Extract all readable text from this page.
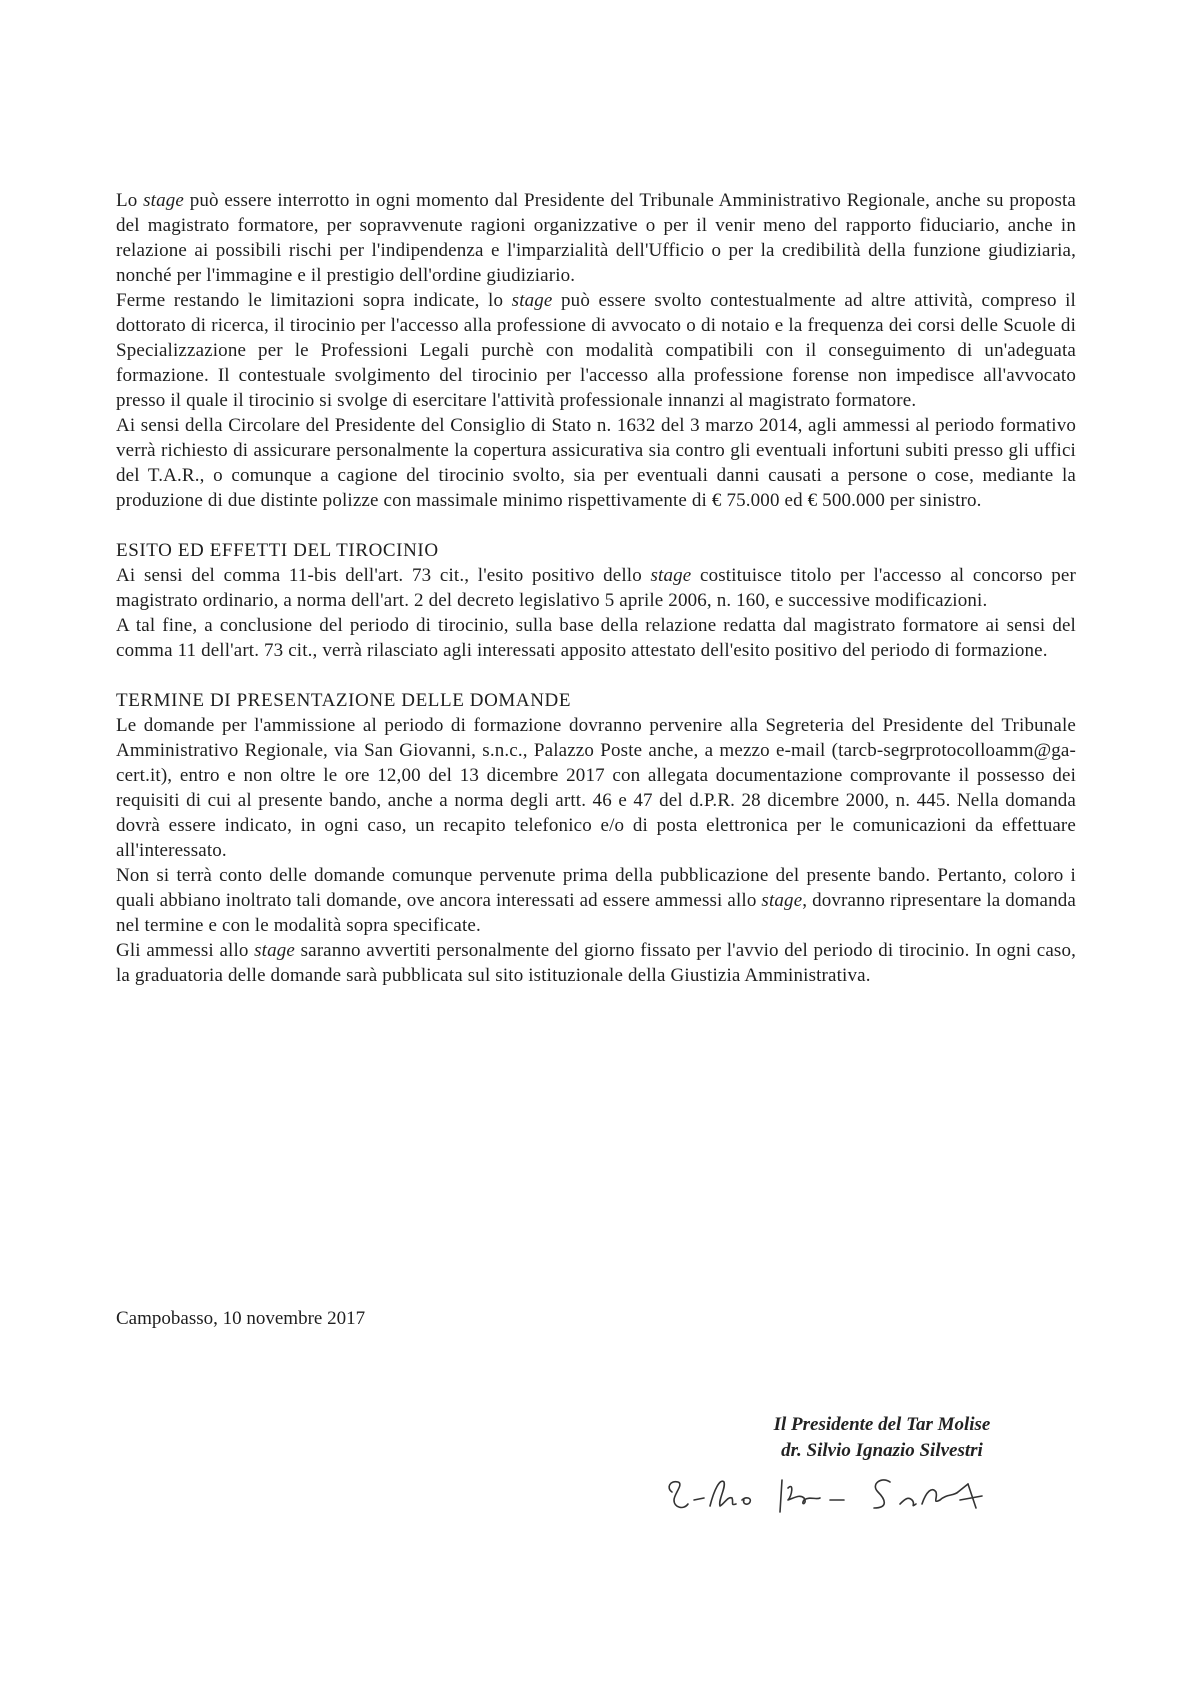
Lo stage può essere interrotto in ogni momento dal Presidente del Tribunale Amministrativo Regionale, anche su proposta del magistrato formatore, per sopravvenute ragioni organizzative o per il venir meno del rapporto fiduciario, anche in relazione ai possibili rischi per l'indipendenza e l'imparzialità dell'Ufficio o per la credibilità della funzione giudiziaria, nonché per l'immagine e il prestigio dell'ordine giudiziario.

Ferme restando le limitazioni sopra indicate, lo stage può essere svolto contestualmente ad altre attività, compreso il dottorato di ricerca, il tirocinio per l'accesso alla professione di avvocato o di notaio e la frequenza dei corsi delle Scuole di Specializzazione per le Professioni Legali purchè con modalità compatibili con il conseguimento di un'adeguata formazione. Il contestuale svolgimento del tirocinio per l'accesso alla professione forense non impedisce all'avvocato presso il quale il tirocinio si svolge di esercitare l'attività professionale innanzi al magistrato formatore.

Ai sensi della Circolare del Presidente del Consiglio di Stato n. 1632 del 3 marzo 2014, agli ammessi al periodo formativo verrà richiesto di assicurare personalmente la copertura assicurativa sia contro gli eventuali infortuni subiti presso gli uffici del T.A.R., o comunque a cagione del tirocinio svolto, sia per eventuali danni causati a persone o cose, mediante la produzione di due distinte polizze con massimale minimo rispettivamente di € 75.000 ed € 500.000 per sinistro.

ESITO ED EFFETTI DEL TIROCINIO

Ai sensi del comma 11-bis dell'art. 73 cit., l'esito positivo dello stage costituisce titolo per l'accesso al concorso per magistrato ordinario, a norma dell'art. 2 del decreto legislativo 5 aprile 2006, n. 160, e successive modificazioni.

A tal fine, a conclusione del periodo di tirocinio, sulla base della relazione redatta dal magistrato formatore ai sensi del comma 11 dell'art. 73 cit., verrà rilasciato agli interessati apposito attestato dell'esito positivo del periodo di formazione.

TERMINE DI PRESENTAZIONE DELLE DOMANDE

Le domande per l'ammissione al periodo di formazione dovranno pervenire alla Segreteria del Presidente del Tribunale Amministrativo Regionale, via San Giovanni, s.n.c., Palazzo Poste anche, a mezzo e-mail (tarcb-segrprotocolloamm@ga-cert.it), entro e non oltre le ore 12,00 del 13 dicembre 2017 con allegata documentazione comprovante il possesso dei requisiti di cui al presente bando, anche a norma degli artt. 46 e 47 del d.P.R. 28 dicembre 2000, n. 445. Nella domanda dovrà essere indicato, in ogni caso, un recapito telefonico e/o di posta elettronica per le comunicazioni da effettuare all'interessato.

Non si terrà conto delle domande comunque pervenute prima della pubblicazione del presente bando. Pertanto, coloro i quali abbiano inoltrato tali domande, ove ancora interessati ad essere ammessi allo stage, dovranno ripresentare la domanda nel termine e con le modalità sopra specificate.

Gli ammessi allo stage saranno avvertiti personalmente del giorno fissato per l'avvio del periodo di tirocinio. In ogni caso, la graduatoria delle domande sarà pubblicata sul sito istituzionale della Giustizia Amministrativa.

Campobasso, 10 novembre 2017
Il Presidente del Tar Molise
dr. Silvio Ignazio Silvestri
